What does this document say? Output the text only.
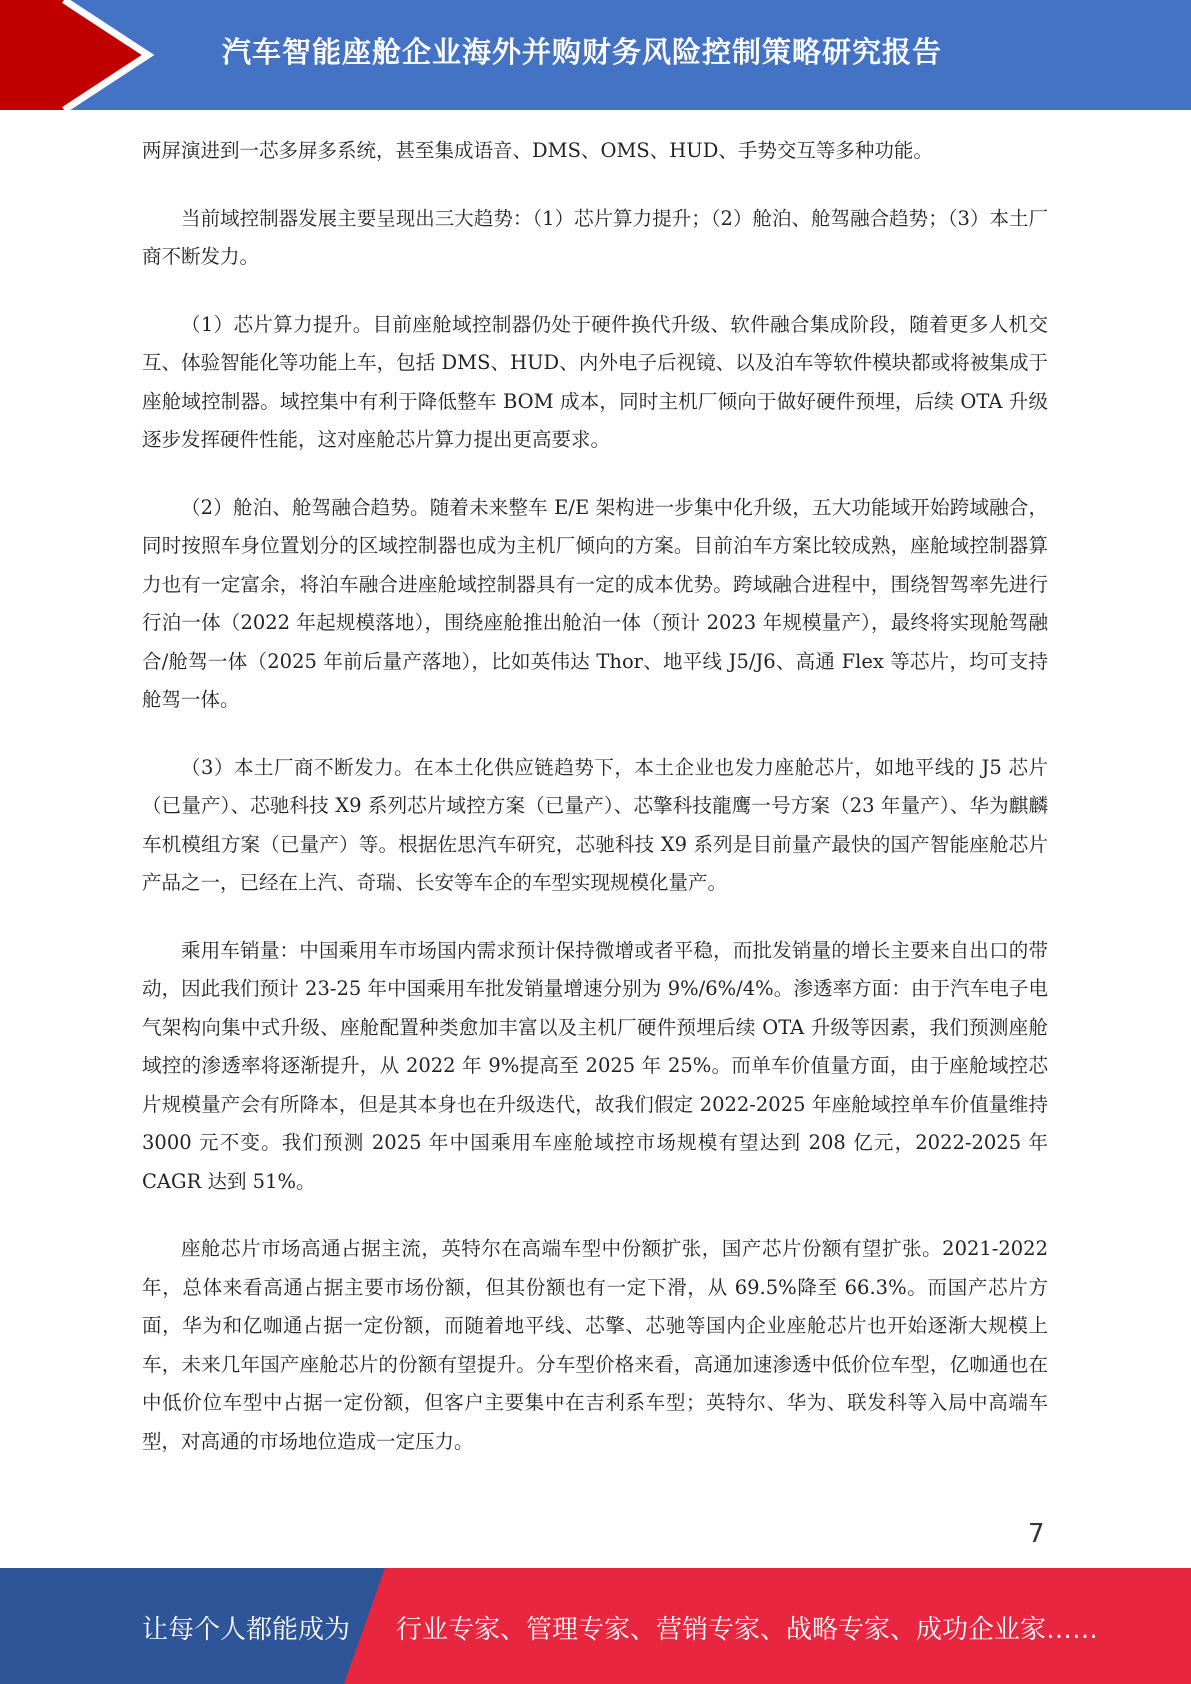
汽车智能座舱企业海外并购财务风险控制策略研究报告

两屏演进到一芯多屏多系统，甚至集成语音、DMS、OMS、HUD、手势交互等多种功能。

当前域控制器发展主要呈现出三大趋势：（1）芯片算力提升；（2）舱泊、舱驾融合趋势；（3）本土厂商不断发力。

（1）芯片算力提升。目前座舱域控制器仍处于硬件换代升级、软件融合集成阶段，随着更多人机交互、体验智能化等功能上车，包括 DMS、HUD、内外电子后视镜、以及泊车等软件模块都或将被集成于座舱域控制器。域控集中有利于降低整车 BOM 成本，同时主机厂倾向于做好硬件预埋，后续 OTA 升级逐步发挥硬件性能，这对座舱芯片算力提出更高要求。

（2）舱泊、舱驾融合趋势。随着未来整车 E/E 架构进一步集中化升级，五大功能域开始跨域融合，同时按照车身位置划分的区域控制器也成为主机厂倾向的方案。目前泊车方案比较成熟，座舱域控制器算力也有一定富余，将泊车融合进座舱域控制器具有一定的成本优势。跨域融合进程中，围绕智驾率先进行行泊一体（2022 年起规模落地），围绕座舱推出舱泊一体（预计 2023 年规模量产），最终将实现舱驾融合/舱驾一体（2025 年前后量产落地），比如英伟达 Thor、地平线 J5/J6、高通 Flex 等芯片，均可支持舱驾一体。

（3）本土厂商不断发力。在本土化供应链趋势下，本土企业也发力座舱芯片，如地平线的 J5 芯片（已量产）、芯驰科技 X9 系列芯片域控方案（已量产）、芯擎科技龍鹰一号方案（23 年量产）、华为麒麟车机模组方案（已量产）等。根据佐思汽车研究，芯驰科技 X9 系列是目前量产最快的国产智能座舱芯片产品之一，已经在上汽、奇瑞、长安等车企的车型实现规模化量产。

乘用车销量：中国乘用车市场国内需求预计保持微增或者平稳，而批发销量的增长主要来自出口的带动，因此我们预计 23-25 年中国乘用车批发销量增速分别为 9%/6%/4%。渗透率方面：由于汽车电子电气架构向集中式升级、座舱配置种类愈加丰富以及主机厂硬件预埋后续 OTA 升级等因素，我们预测座舱域控的渗透率将逐渐提升，从 2022 年 9%提高至 2025 年 25%。而单车价值量方面，由于座舱域控芯片规模量产会有所降本，但是其本身也在升级迭代，故我们假定 2022-2025 年座舱域控单车价值量维持 3000 元不变。我们预测 2025 年中国乘用车座舱域控市场规模有望达到 208 亿元，2022-2025 年 CAGR 达到 51%。

座舱芯片市场高通占据主流，英特尔在高端车型中份额扩张，国产芯片份额有望扩张。2021-2022 年，总体来看高通占据主要市场份额，但其份额也有一定下滑，从 69.5%降至 66.3%。而国产芯片方面，华为和亿咖通占据一定份额，而随着地平线、芯擎、芯驰等国内企业座舱芯片也开始逐渐大规模上车，未来几年国产座舱芯片的份额有望提升。分车型价格来看，高通加速渗透中低价位车型，亿咖通也在中低价位车型中占据一定份额，但客户主要集中在吉利系车型；英特尔、华为、联发科等入局中高端车型，对高通的市场地位造成一定压力。

7
让每个人都能成为 行业专家、管理专家、营销专家、战略专家、成功企业家……
